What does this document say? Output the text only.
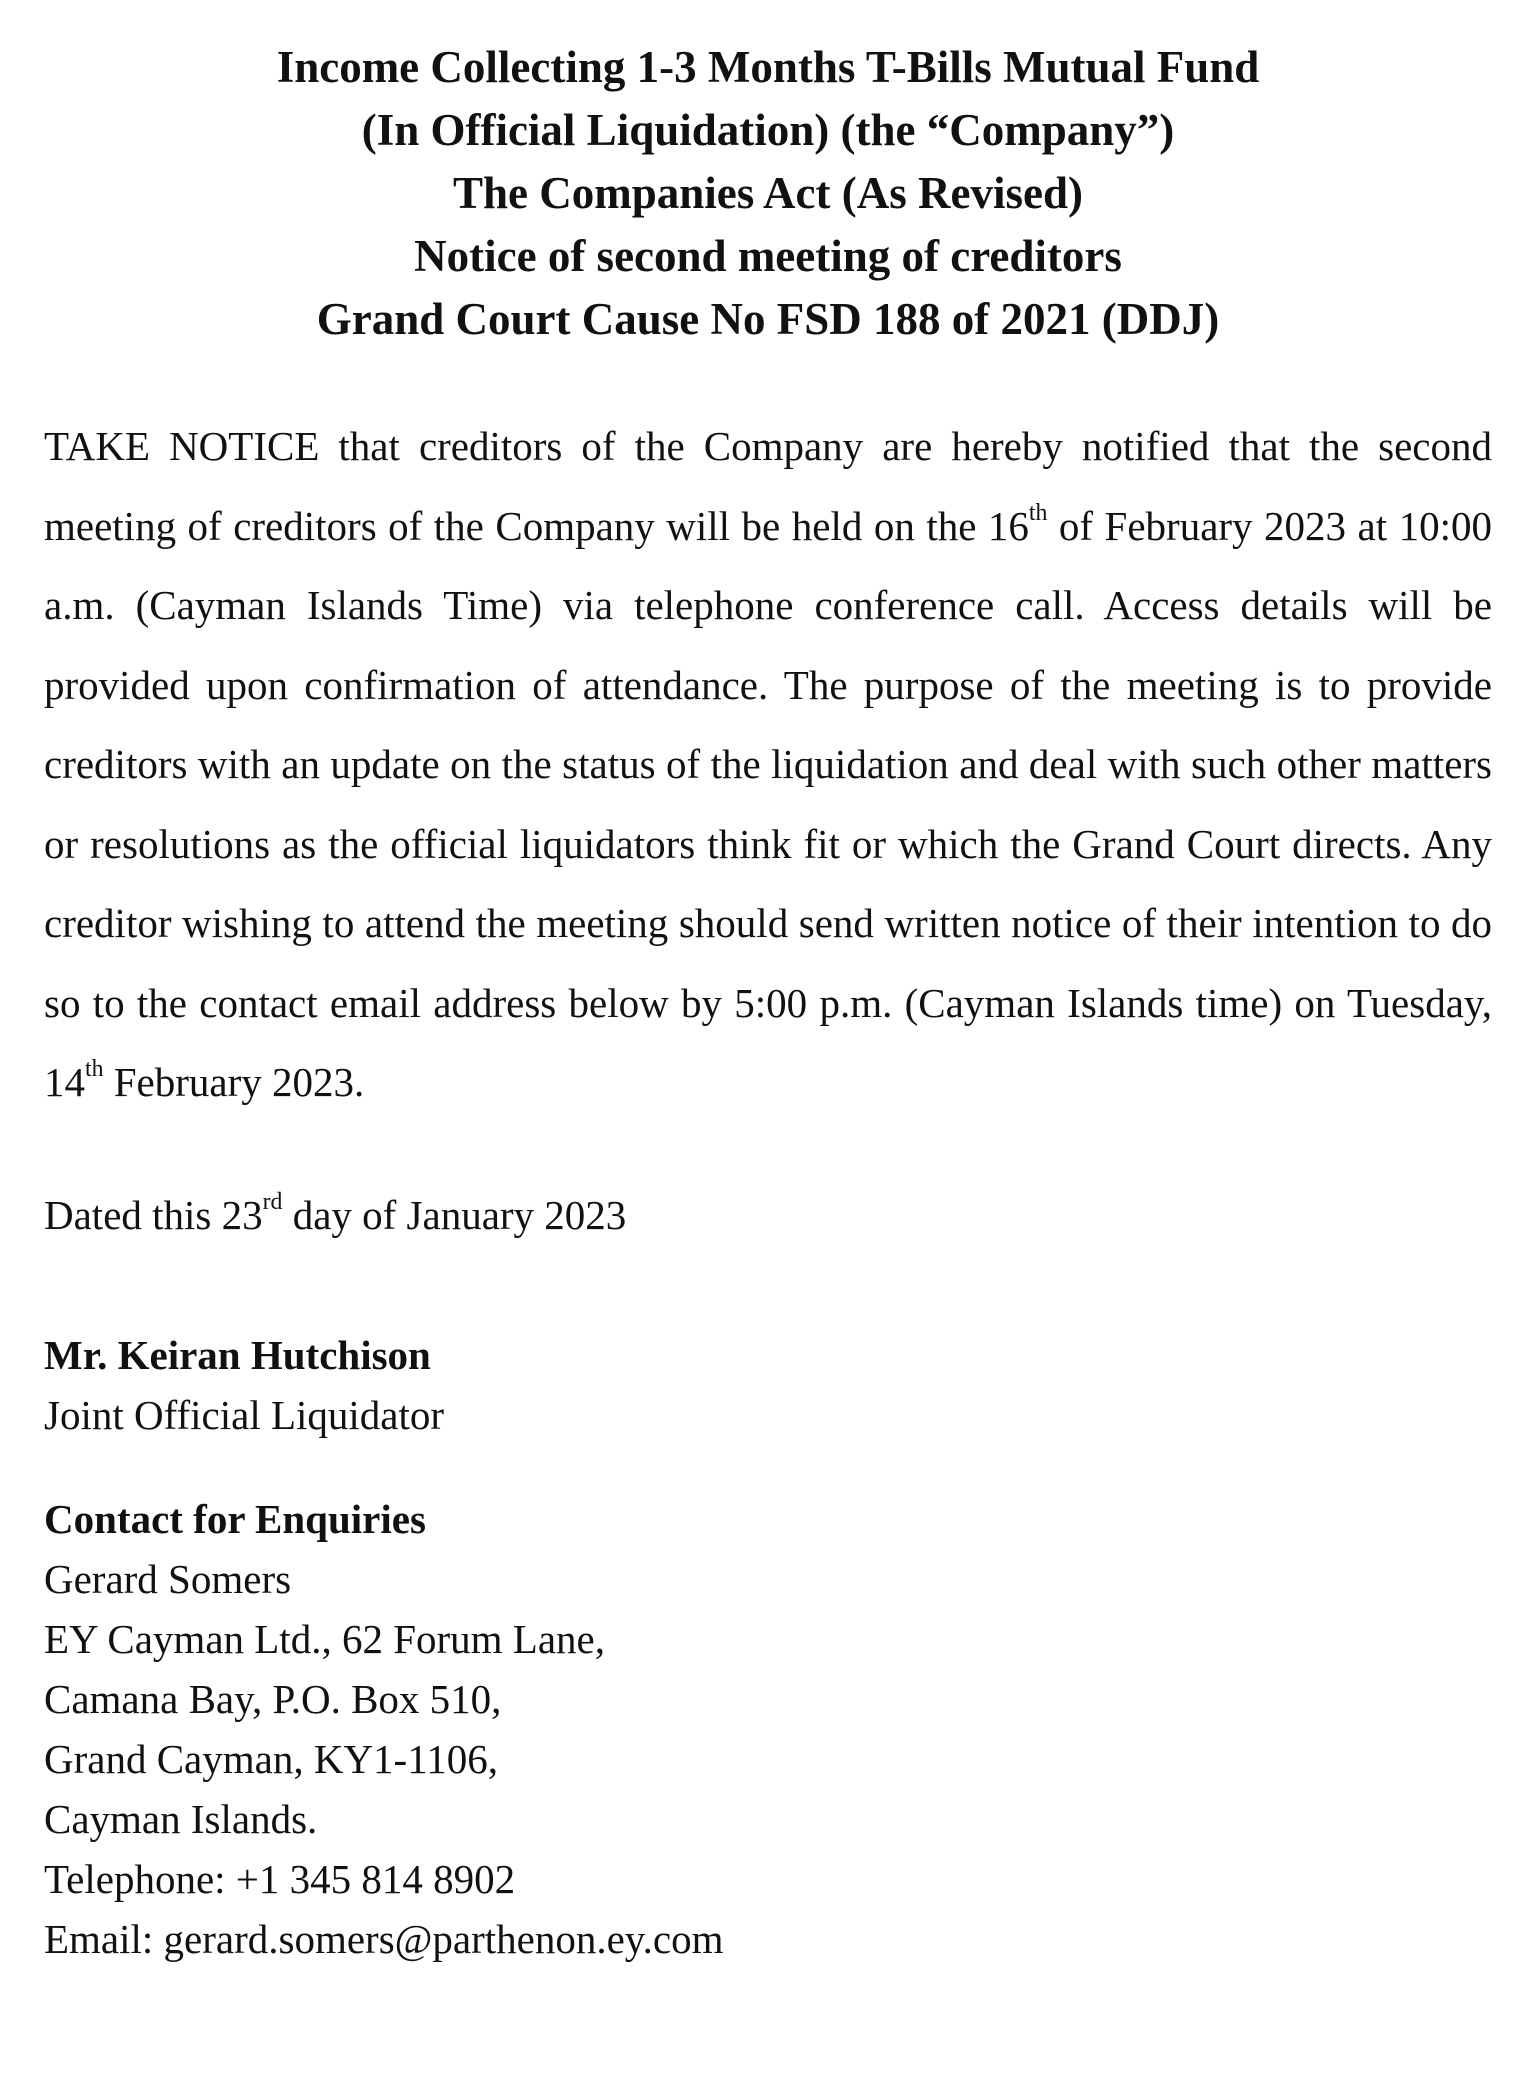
Income Collecting 1-3 Months T-Bills Mutual Fund
(In Official Liquidation) (the “Company”)
The Companies Act (As Revised)
Notice of second meeting of creditors
Grand Court Cause No FSD 188 of 2021 (DDJ)

TAKE NOTICE that creditors of the Company are hereby notified that the second meeting of creditors of the Company will be held on the 16th of February 2023 at 10:00 a.m. (Cayman Islands Time) via telephone conference call. Access details will be provided upon confirmation of attendance. The purpose of the meeting is to provide creditors with an update on the status of the liquidation and deal with such other matters or resolutions as the official liquidators think fit or which the Grand Court directs. Any creditor wishing to attend the meeting should send written notice of their intention to do so to the contact email address below by 5:00 p.m. (Cayman Islands time) on Tuesday, 14th February 2023.

Dated this 23rd day of January 2023

Mr. Keiran Hutchison
Joint Official Liquidator
Contact for Enquiries
Gerard Somers
EY Cayman Ltd., 62 Forum Lane,
Camana Bay, P.O. Box 510,
Grand Cayman, KY1-1106,
Cayman Islands.
Telephone: +1 345 814 8902
Email: gerard.somers@parthenon.ey.com
